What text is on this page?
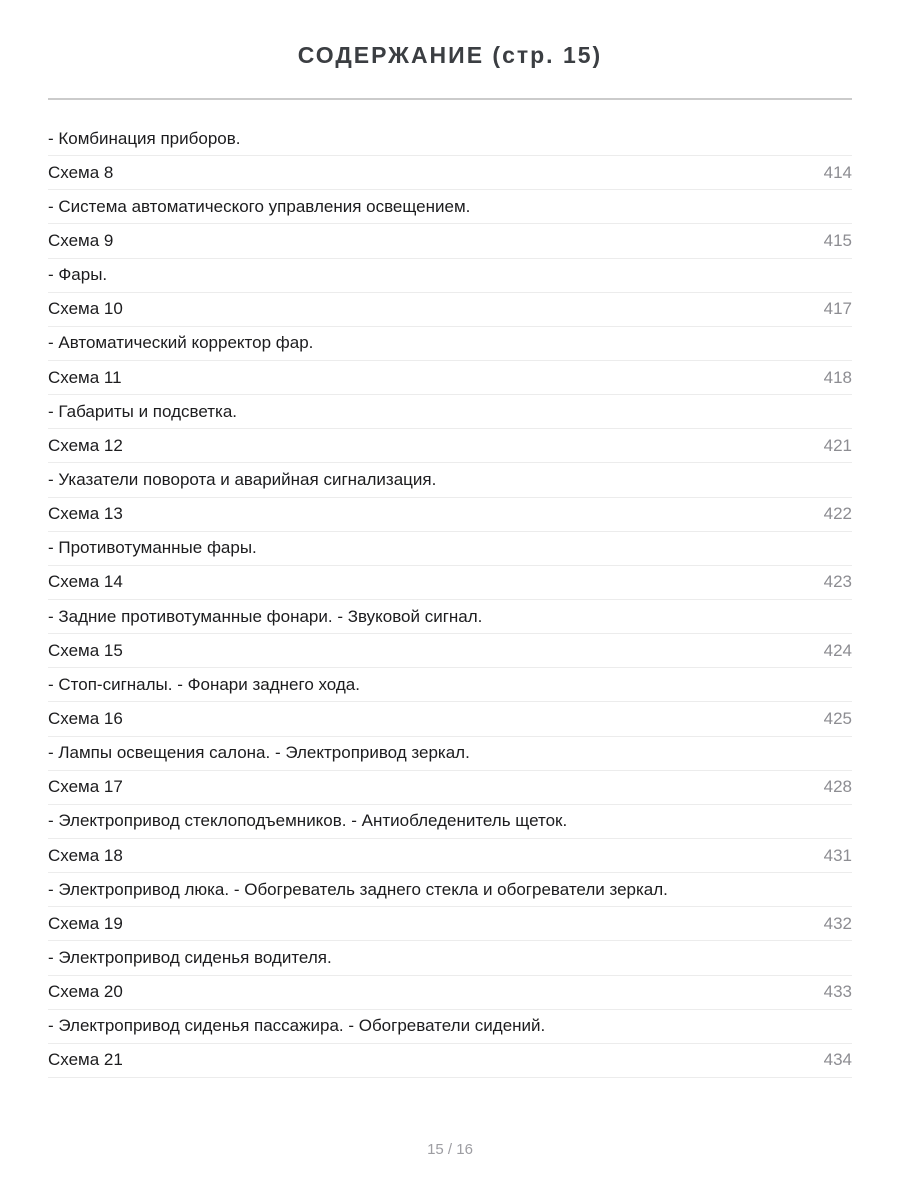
СОДЕРЖАНИЕ (стр. 15)
- Комбинация приборов.
Схема 8	414
- Система автоматического управления освещением.
Схема 9	415
- Фары.
Схема 10	417
- Автоматический корректор фар.
Схема 11	418
- Габариты и подсветка.
Схема 12	421
- Указатели поворота и аварийная сигнализация.
Схема 13	422
- Противотуманные фары.
Схема 14	423
- Задние противотуманные фонари. - Звуковой сигнал.
Схема 15	424
- Стоп-сигналы. - Фонари заднего хода.
Схема 16	425
- Лампы освещения салона. - Электропривод зеркал.
Схема 17	428
- Электропривод стеклоподъемников. - Антиобледенитель щеток.
Схема 18	431
- Электропривод люка. - Обогреватель заднего стекла и обогреватели зеркал.
Схема 19	432
- Электропривод сиденья водителя.
Схема 20	433
- Электропривод сиденья пассажира. - Обогреватели сидений.
Схема 21	434
15 / 16
